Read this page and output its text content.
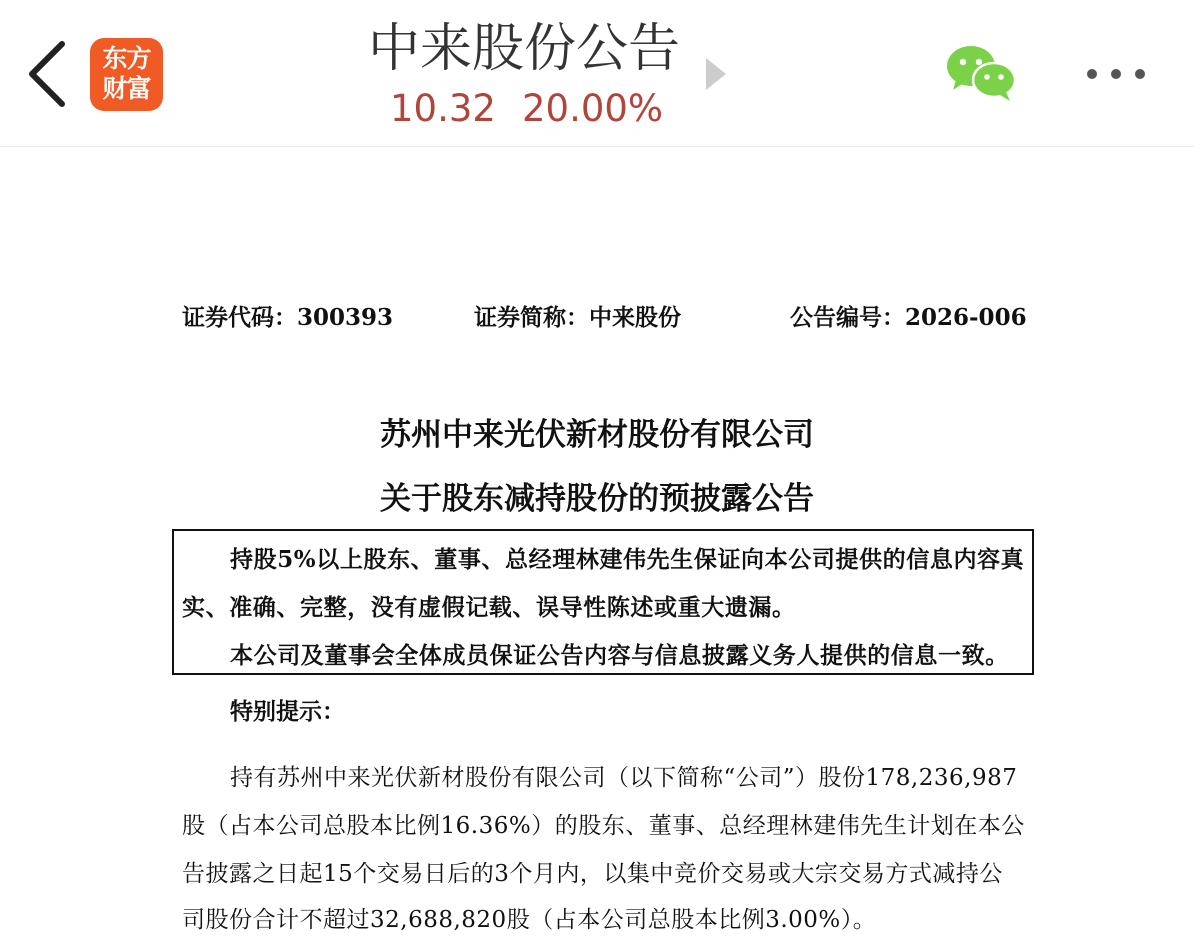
东方
财富
中来股份公告
10.32 20.00%
证券代码：300393	证券简称：中来股份	公告编号：2026-006
苏州中来光伏新材股份有限公司
关于股东减持股份的预披露公告
持股5%以上股东、董事、总经理林建伟先生保证向本公司提供的信息内容真
实、准确、完整，没有虚假记载、误导性陈述或重大遗漏。
本公司及董事会全体成员保证公告内容与信息披露义务人提供的信息一致。
特别提示：
持有苏州中来光伏新材股份有限公司（以下简称“公司”）股份178,236,987
股（占本公司总股本比例16.36%）的股东、董事、总经理林建伟先生计划在本公
告披露之日起15个交易日后的3个月内，以集中竞价交易或大宗交易方式减持公
司股份合计不超过32,688,820股（占本公司总股本比例3.00%）。
